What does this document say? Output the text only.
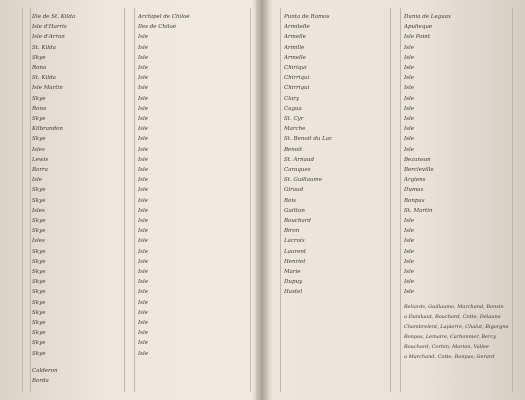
Ille de St. Kilda
Isle d'Harris
Isle d'Arran
St. Kilda
Skye
Rona
St. Kilda
Isle Martin
Skye
Rona
Skye
Kilbrandon
Skye
Isles
Lewis
Barra
Isle
Skye
Skye
Isles
Skye
Skye
Isles
Skye
Skye
Skye
Skye
Skye
Skye
Skye
Skye
Skye
Skye
Skye
Archipel de Chiloé
Iles de Chiloé
Isle
Isle
Isle
Isle
Isle
Isle
Isle
Isle
Isle
Isle
Isle
Isle
Isle
Isle
Isle
Isle
Isle
Isle
Isle
Isle
Isle
Isle
Isle
Isle
Isle
Isle
Isle
Isle
Isle
Isle
Isle
Isle
Calderon
Borda
Punta de Ramos
Armitelle
Armelle
Armille
Armelle
Chiriqui
Chirriqui
Chirriqui
Clary
Cagua
St. Cyr
Marche
St. Benoit du Lac
Benoit
St. Arnaud
Caraques
St. Guillaume
Giraud
Bois
Guitton
Bouchard
Biron
Lacroix
Laurent
Henriet
Marie
Dupuy
Hastel
Dunia de Leguax
Apulieque
Isle Point
Isle
Isle
Isle
Isle
Isle
Isle
Isle
Isle
Isle
Isle
Isle
Bezanson
Bercleville
Argiens
Dumas
Bonpas
St. Martin
Isle
Isle
Isle
Isle
Isle
Isle
Isle
Isle
Beliards, Guillaume, Marchand, Bonsin
a Dunikaut, Bouchard, Cotte, Delaune
Chambrelent, Lapierre, Chalut, Bigorgne
Bonpas, Lemaire, Carbonnier, Bercy
Bouchard, Corbin, Marion, Vallee
a Marchand, Cotte, Bonpas, Gerard
